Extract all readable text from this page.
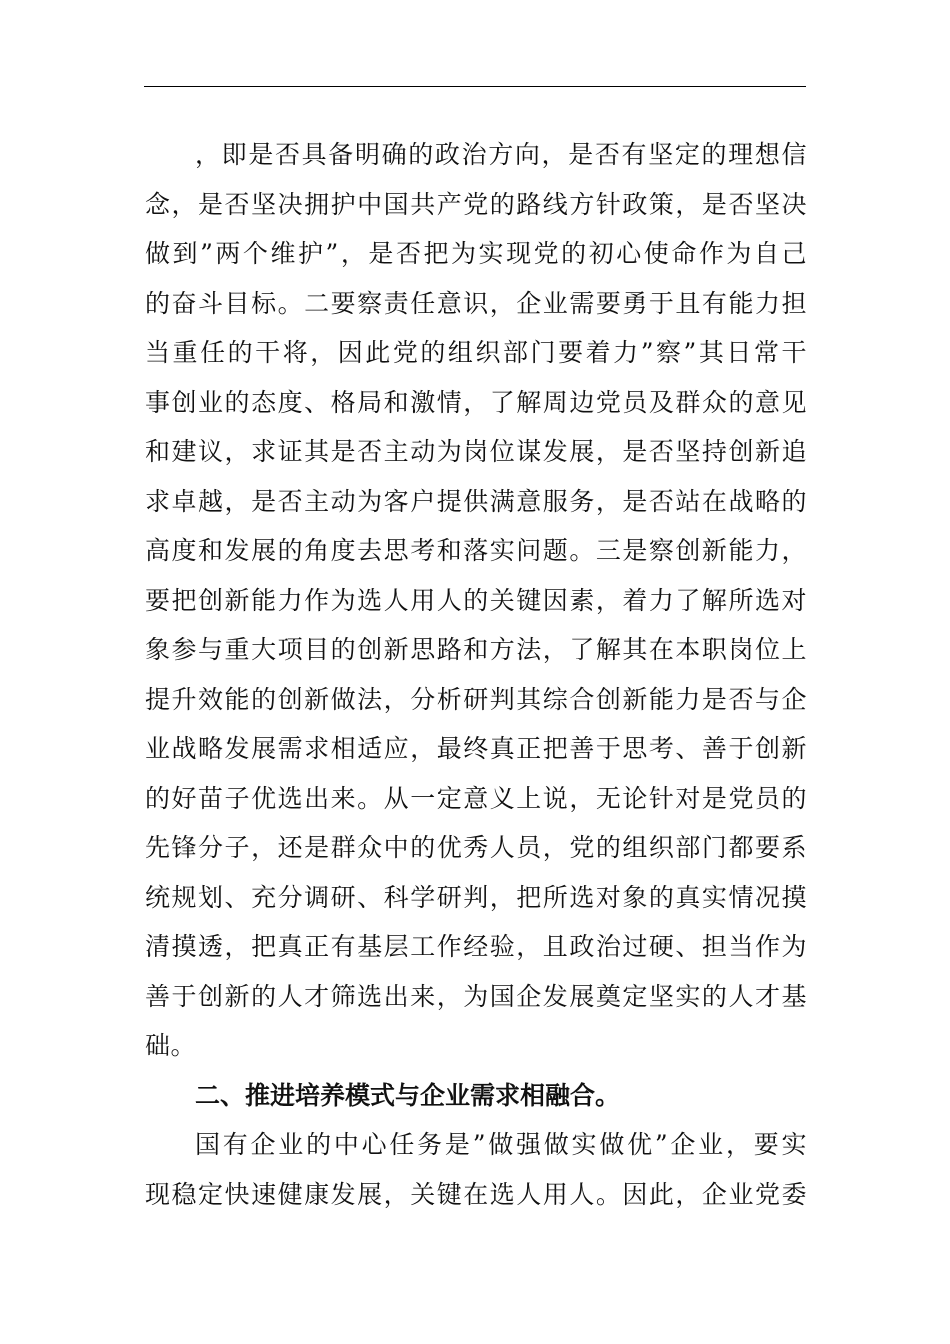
，即是否具备明确的政治方向，是否有坚定的理想信
念，是否坚决拥护中国共产党的路线方针政策，是否坚决
做到”两个维护”，是否把为实现党的初心使命作为自己
的奋斗目标。二要察责任意识，企业需要勇于且有能力担
当重任的干将，因此党的组织部门要着力”察”其日常干
事创业的态度、格局和激情，了解周边党员及群众的意见
和建议，求证其是否主动为岗位谋发展，是否坚持创新追
求卓越，是否主动为客户提供满意服务，是否站在战略的
高度和发展的角度去思考和落实问题。三是察创新能力，
要把创新能力作为选人用人的关键因素，着力了解所选对
象参与重大项目的创新思路和方法，了解其在本职岗位上
提升效能的创新做法，分析研判其综合创新能力是否与企
业战略发展需求相适应，最终真正把善于思考、善于创新
的好苗子优选出来。从一定意义上说，无论针对是党员的
先锋分子，还是群众中的优秀人员，党的组织部门都要系
统规划、充分调研、科学研判，把所选对象的真实情况摸
清摸透，把真正有基层工作经验，且政治过硬、担当作为
善于创新的人才筛选出来，为国企发展奠定坚实的人才基
础。
二、推进培养模式与企业需求相融合。
国有企业的中心任务是”做强做实做优”企业，要实
现稳定快速健康发展，关键在选人用人。因此，企业党委
